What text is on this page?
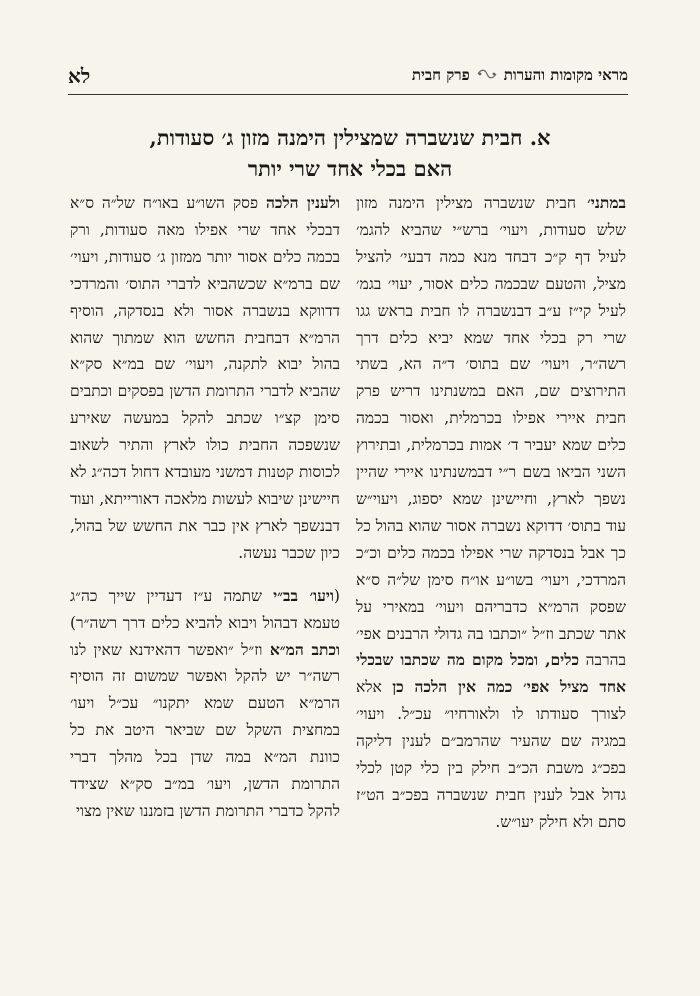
מראי מקומות והערות
פרק חבית
לא
א. חבית שנשברה שמצילין הימנה מזון ג׳ סעודות,
האם בכלי אחד שרי יותר
במתני׳ חבית שנשברה מצילין הימנה מזון שלש סעודות, ויעוי׳ ברש״י שהביא להגמ׳ לעיל דף ק״כ דבחד מנא כמה דבעי׳ להציל מציל, והטעם שבכמה כלים אסור, יעוי׳ בגמ׳ לעיל קי״ז ע״ב דבנשברה לו חבית בראש גגו שרי רק בכלי אחד שמא יביא כלים דרך רשה״ר, ויעוי׳ שם בתוס׳ ד״ה הא, בשתי התירוצים שם, האם במשנתינו דריש פרק חבית איירי אפילו בכרמלית, ואסור בכמה כלים שמא יעביר ד׳ אמות בכרמלית, ובתירוץ השני הביאו בשם ר״י דבמשנתינו איירי שהיין נשפך לארץ, וחיישינן שמא יספוג, ויעוי״ש עוד בתוס׳ דדוקא נשברה אסור שהוא בהול כל כך אבל בנסדקה שרי אפילו בכמה כלים וכ״כ המרדכי, ויעוי׳ בשו״ע או״ח סימן של״ה ס״א שפסק הרמ״א כדבריהם ויעוי׳ במאירי על אתר שכתב וז״ל ״וכתבו בה גדולי הרבנים אפי׳ בהרבה כלים, ומכל מקום מה שכתבו שבכלי אחד מציל אפי׳ כמה אין הלכה כן אלא לצורך סעודתו לו ולאורחיו״ עכ״ל. ויעוי׳ במגיה שם שהעיר שהרמב״ם לענין דליקה בפכ״ג משבת הכ״ב חילק בין כלי קטן לכלי גדול אבל לענין חבית שנשברה בפכ״ב הט״ז סתם ולא חילק יעו״ש.
ולענין הלכה פסק השו״ע באו״ח של״ה ס״א דבכלי אחד שרי אפילו מאה סעודות, ורק בכמה כלים אסור יותר ממזון ג׳ סעודות, ויעוי׳ שם ברמ״א שכשהביא לדברי התוס׳ והמרדכי דדווקא בנשברה אסור ולא בנסדקה, הוסיף הרמ״א דבחבית החשש הוא שמתוך שהוא בהול יבוא לתקנה, ויעוי׳ שם במ״א סק״א שהביא לדברי התרומת הדשן בפסקים וכתבים סימן קצ״ו שכתב להקל במעשה שאירע שנשפכה החבית כולו לארץ והתיר לשאוב לכוסות קטנות דמשני מעובדא דחול דכה״ג לא חיישינן שיבוא לעשות מלאכה דאורייתא, ועוד דבנשפך לארץ אין כבר את החשש של בהול, כיון שכבר נעשה.
(ויעו׳ בב״י שתמה ע״ז דעדיין שייך כה״ג טעמא דבהול ויבוא להביא כלים דרך רשה״ר) וכתב המ״א וז״ל ״ואפשר דהאידנא שאין לנו רשה״ר יש להקל ואפשר שמשום זה הוסיף הרמ״א הטעם שמא יתקנו״ עכ״ל ויעו׳ במחצית השקל שם שביאר היטב את כל כוונת המ״א במה שדן בכל מהלך דברי התרומת הדשן, ויעו׳ במ״ב סק״א שצידד להקל כדברי התרומת הדשן בזמננו שאין מצוי
